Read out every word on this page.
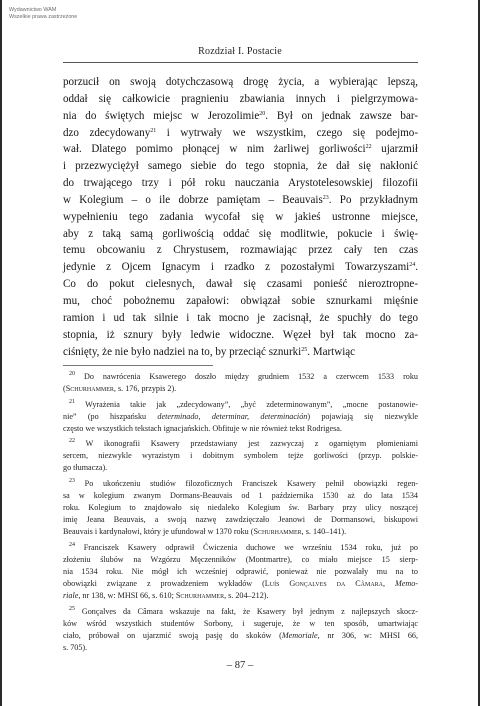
Wydawnictwo WAM
Wszelkie prawa zastrzeżone
Rozdział I. Postacie
porzucił on swoją dotychczasową drogę życia, a wybierając lepszą,
oddał się całkowicie pragnieniu zbawiania innych i pielgrzymowa-
nia do świętych miejsc w Jerozolimie$^{20}$. Był on jednak zawsze bar-
dzo zdecydowany$^{21}$ i wytrwały we wszystkim, czego się podejmo-
wał. Dlatego pomimo płonącej w nim żarliwej gorliwości$^{22}$ ujarzmił
i przezwyciężył samego siebie do tego stopnia, że dał się nakłonić
do trwającego trzy i pół roku nauczania Arystotelesowskiej filozofii
w Kolegium – o ile dobrze pamiętam – Beauvais$^{23}$. Po przykładnym
wypełnieniu tego zadania wycofał się w jakieś ustronne miejsce,
aby z taką samą gorliwością oddać się modlitwie, pokucie i świę-
temu obcowaniu z Chrystusem, rozmawiając przez cały ten czas
jedynie z Ojcem Ignacym i rzadko z pozostałymi Towarzyszami$^{24}$.
Co do pokut cielesnych, dawał się czasami ponieść nieroztropne-
mu, choć pobożnemu zapałowi: obwiązał sobie sznurkami mięśnie
ramion i ud tak silnie i tak mocno je zacisnął, że spuchły do tego
stopnia, iż sznury były ledwie widoczne. Węzeł był tak mocno za-
ciśnięty, że nie było nadziei na to, by przeciąć sznurki$^{25}$. Martwiąc
$^{20}$ Do nawrócenia Ksawerego doszło między grudniem 1532 a czerwcem 1533 roku
(Schurhammer, s. 176, przypis 2).
$^{21}$ Wyrażenia takie jak „zdecydowany”, „być zdeterminowanym”, „mocne postanowie-
nie” (po hiszpańsku determinado, determinar, determinación) pojawiają się niezwykle
często we wszystkich tekstach ignacjańskich. Obfituje w nie również tekst Rodrigesa.
$^{22}$ W ikonografii Ksawery przedstawiany jest zazwyczaj z ogarniętym płomieniami
sercem, niezwykle wyrazistym i dobitnym symbolem tejże gorliwości (przyp. polskie-
go tłumacza).
$^{23}$ Po ukończeniu studiów filozoficznych Franciszek Ksawery pełnił obowiązki regen-
sa w kolegium zwanym Dormans-Beauvais od 1 października 1530 aż do lata 1534
roku. Kolegium to znajdowało się niedaleko Kolegium św. Barbary przy ulicy noszącej
imię Jeana Beauvais, a swoją nazwę zawdzięczało Jeanowi de Dormansowi, biskupowi
Beauvais i kardynałowi, który je ufundował w 1370 roku (Schurhammer, s. 140–141).
$^{24}$ Franciszek Ksawery odprawił Ćwiczenia duchowe we wrześniu 1534 roku, już po
złożeniu ślubów na Wzgórzu Męczenników (Montmartre), co miało miejsce 15 sierp-
nia 1534 roku. Nie mógł ich wcześniej odprawić, ponieważ nie pozwalały mu na to
obowiązki związane z prowadzeniem wykładów (Luís Gonçalves da Câmara, Memo-
riale, nr 138, w: MHSI 66, s. 610; Schurhammer, s. 204–212).
$^{25}$ Gonçalves da Câmara wskazuje na fakt, że Ksawery był jednym z najlepszych skocz-
ków wśród wszystkich studentów Sorbony, i sugeruje, że w ten sposób, umartwiając
ciało, próbował on ujarzmić swoją pasję do skoków (Memoriale, nr 306, w: MHSI 66,
s. 705).
– 87 –
